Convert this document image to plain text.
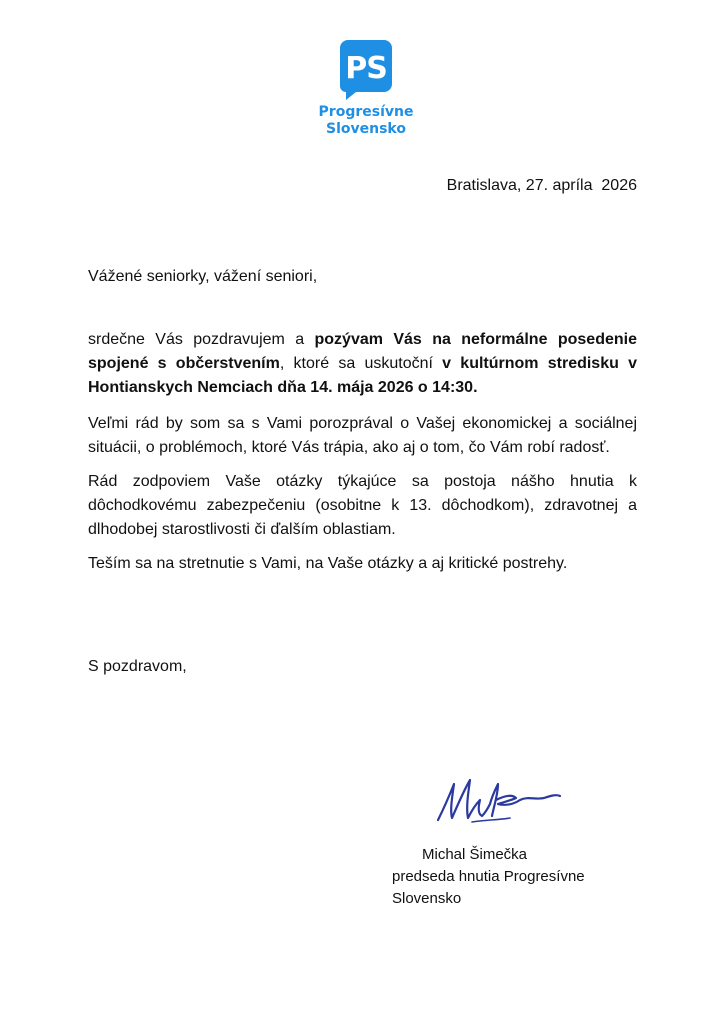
PS
Progresívne
Slovensko
Bratislava, 27. apríla  2026
Vážené seniorky, vážení seniori,

srdečne Vás pozdravujem a pozývam Vás na neformálne posedenie spojené s občerstvením, ktoré sa uskutoční v kultúrnom stredisku v Hontianskych Nemciach dňa 14. mája 2026 o 14:30.

Veľmi rád by som sa s Vami porozprával o Vašej ekonomickej a sociálnej situácii, o problémoch, ktoré Vás trápia, ako aj o tom, čo Vám robí radosť.

Rád zodpoviem Vaše otázky týkajúce sa postoja nášho hnutia k dôchodkovému zabezpečeniu (osobitne k 13. dôchodkom), zdravotnej a dlhodobej starostlivosti či ďalším oblastiam.

Teším sa na stretnutie s Vami, na Vaše otázky a aj kritické postrehy.

S pozdravom,
Michal Šimečka
predseda hnutia Progresívne
Slovensko
